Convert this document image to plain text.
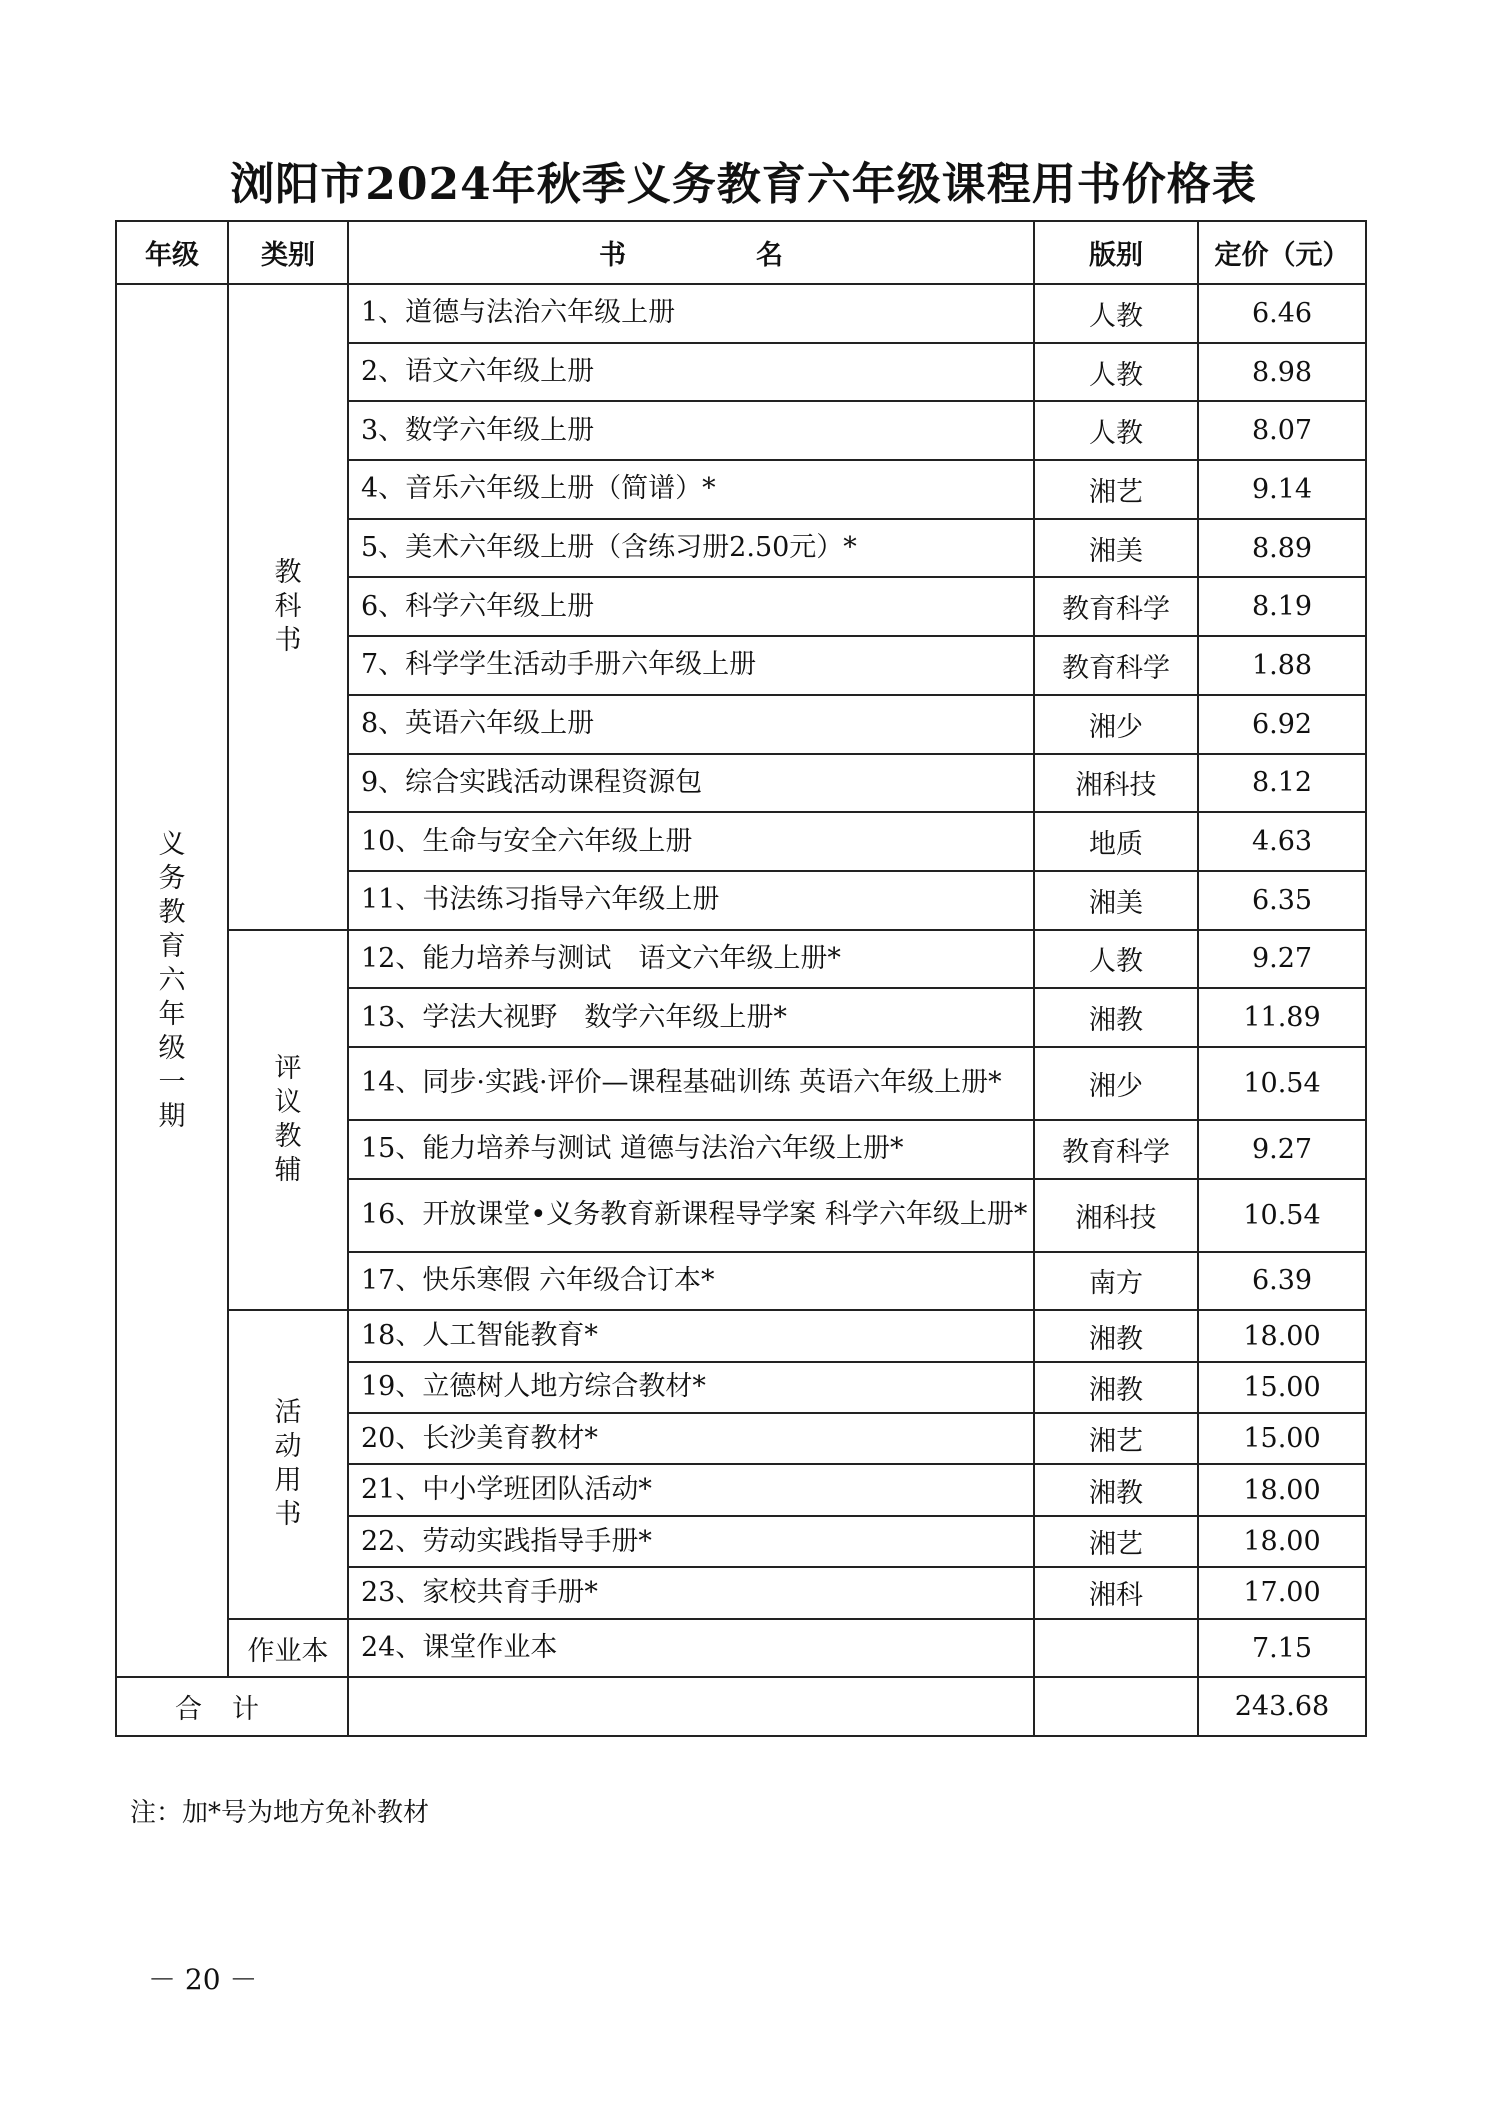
浏阳市2024年秋季义务教育六年级课程用书价格表
年级	类别	书名	版别	定价（元）
义务教育六年级一期	教科书	1、道德与法治六年级上册	人教	6.46
		2、语文六年级上册	人教	8.98
		3、数学六年级上册	人教	8.07
		4、音乐六年级上册（简谱）*	湘艺	9.14
		5、美术六年级上册（含练习册2.50元）*	湘美	8.89
		6、科学六年级上册	教育科学	8.19
		7、科学学生活动手册六年级上册	教育科学	1.88
		8、英语六年级上册	湘少	6.92
		9、综合实践活动课程资源包	湘科技	8.12
		10、生命与安全六年级上册	地质	4.63
		11、书法练习指导六年级上册	湘美	6.35
	评议教辅	12、能力培养与测试　语文六年级上册*	人教	9.27
		13、学法大视野　数学六年级上册*	湘教	11.89
		14、同步·实践·评价—课程基础训练 英语六年级上册*	湘少	10.54
		15、能力培养与测试 道德与法治六年级上册*	教育科学	9.27
		16、开放课堂•义务教育新课程导学案 科学六年级上册*	湘科技	10.54
		17、快乐寒假 六年级合订本*	南方	6.39
	活动用书	18、人工智能教育*	湘教	18.00
		19、立德树人地方综合教材*	湘教	15.00
		20、长沙美育教材*	湘艺	15.00
		21、中小学班团队活动*	湘教	18.00
		22、劳动实践指导手册*	湘艺	18.00
		23、家校共育手册*	湘科	17.00
	作业本	24、课堂作业本		7.15
合计				243.68
注：加*号为地方免补教材
－ 20 －
